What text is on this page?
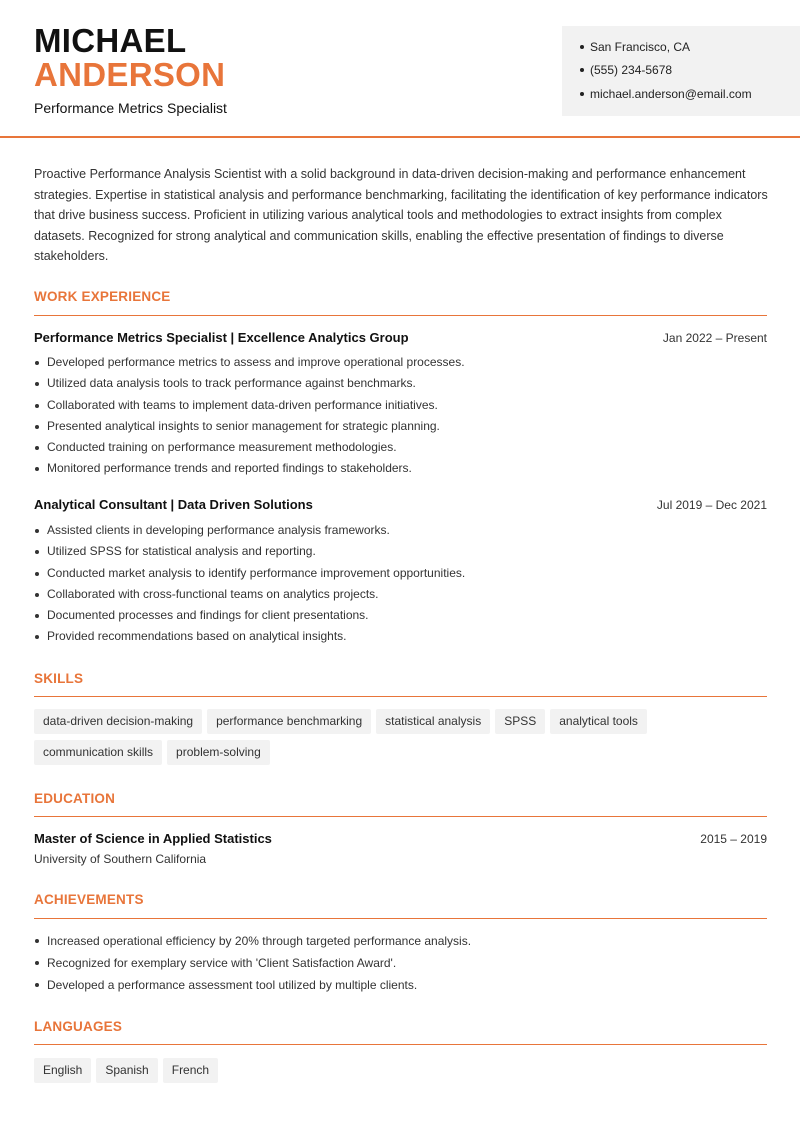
MICHAEL
ANDERSON
Performance Metrics Specialist
San Francisco, CA
(555) 234-5678
michael.anderson@email.com

Proactive Performance Analysis Scientist with a solid background in data-driven decision-making and performance enhancement strategies. Expertise in statistical analysis and performance benchmarking, facilitating the identification of key performance indicators that drive business success. Proficient in utilizing various analytical tools and methodologies to extract insights from complex datasets. Recognized for strong analytical and communication skills, enabling the effective presentation of findings to diverse stakeholders.

WORK EXPERIENCE
Performance Metrics Specialist | Excellence Analytics Group	Jan 2022 – Present
Developed performance metrics to assess and improve operational processes.
Utilized data analysis tools to track performance against benchmarks.
Collaborated with teams to implement data-driven performance initiatives.
Presented analytical insights to senior management for strategic planning.
Conducted training on performance measurement methodologies.
Monitored performance trends and reported findings to stakeholders.
Analytical Consultant | Data Driven Solutions	Jul 2019 – Dec 2021
Assisted clients in developing performance analysis frameworks.
Utilized SPSS for statistical analysis and reporting.
Conducted market analysis to identify performance improvement opportunities.
Collaborated with cross-functional teams on analytics projects.
Documented processes and findings for client presentations.
Provided recommendations based on analytical insights.
SKILLS
data-driven decision-making performance benchmarking statistical analysis SPSS analytical tools
communication skills problem-solving
EDUCATION
Master of Science in Applied Statistics	2015 – 2019
University of Southern California
ACHIEVEMENTS
Increased operational efficiency by 20% through targeted performance analysis.
Recognized for exemplary service with 'Client Satisfaction Award'.
Developed a performance assessment tool utilized by multiple clients.
LANGUAGES
English Spanish French
